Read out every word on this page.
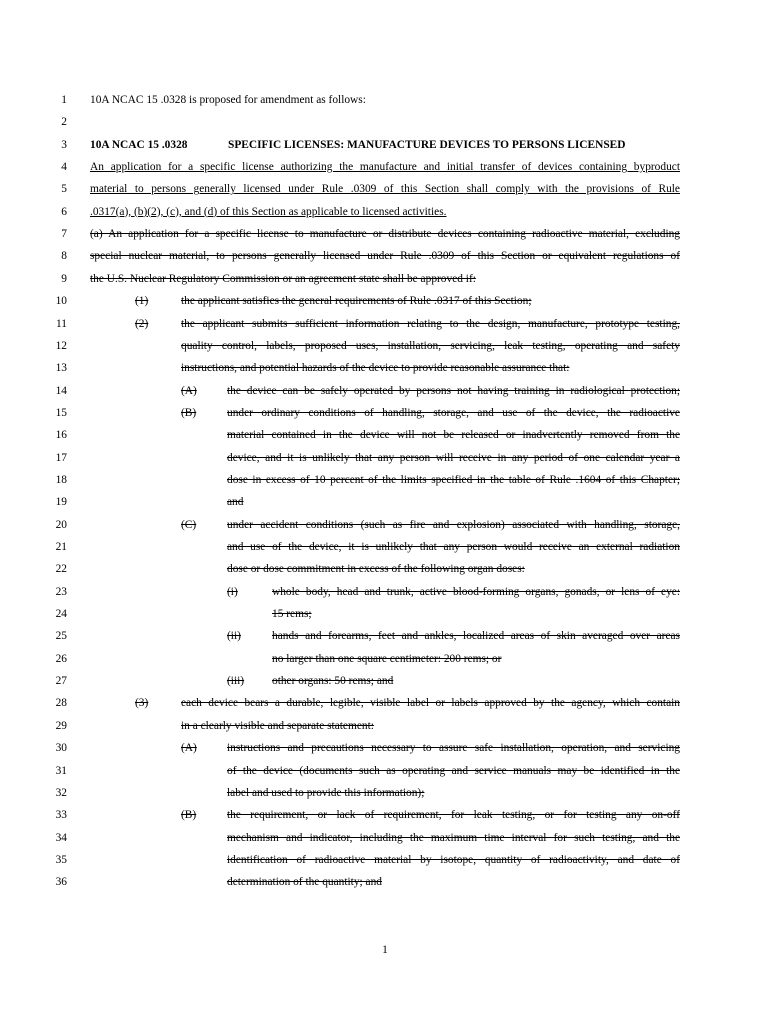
1 10A NCAC 15 .0328 is proposed for amendment as follows:
2
3 10A NCAC 15 .0328	SPECIFIC LICENSES: MANUFACTURE DEVICES TO PERSONS LICENSED
4 An application for a specific license authorizing the manufacture and initial transfer of devices containing byproduct
5 material to persons generally licensed under Rule .0309 of this Section shall comply with the provisions of Rule
6 .0317(a), (b)(2), (c), and (d) of this Section as applicable to licensed activities.
7 (a) An application for a specific license to manufacture or distribute devices containing radioactive material, excluding
8 special nuclear material, to persons generally licensed under Rule .0309 of this Section or equivalent regulations of
9 the U.S. Nuclear Regulatory Commission or an agreement state shall be approved if:
10	(1)	the applicant satisfies the general requirements of Rule .0317 of this Section;
11	(2)	the applicant submits sufficient information relating to the design, manufacture, prototype testing,
12	quality control, labels, proposed uses, installation, servicing, leak testing, operating and safety
13	instructions, and potential hazards of the device to provide reasonable assurance that:
14	(A)	the device can be safely operated by persons not having training in radiological protection;
15	(B)	under ordinary conditions of handling, storage, and use of the device, the radioactive
16	material contained in the device will not be released or inadvertently removed from the
17	device, and it is unlikely that any person will receive in any period of one calendar year a
18	dose in excess of 10 percent of the limits specified in the table of Rule .1604 of this Chapter;
19	and
20	(C)	under accident conditions (such as fire and explosion) associated with handling, storage,
21	and use of the device, it is unlikely that any person would receive an external radiation
22	dose or dose commitment in excess of the following organ doses:
23	(i)	whole body, head and trunk, active blood-forming organs, gonads, or lens of eye:
24	15 rems;
25	(ii)	hands and forearms, feet and ankles, localized areas of skin averaged over areas
26	no larger than one square centimeter: 200 rems; or
27	(iii)	other organs: 50 rems; and
28	(3)	each device bears a durable, legible, visible label or labels approved by the agency, which contain
29	in a clearly visible and separate statement:
30	(A)	instructions and precautions necessary to assure safe installation, operation, and servicing
31	of the device (documents such as operating and service manuals may be identified in the
32	label and used to provide this information);
33	(B)	the requirement, or lack of requirement, for leak testing, or for testing any on-off
34	mechanism and indicator, including the maximum time interval for such testing, and the
35	identification of radioactive material by isotope, quantity of radioactivity, and date of
36	determination of the quantity; and
1
